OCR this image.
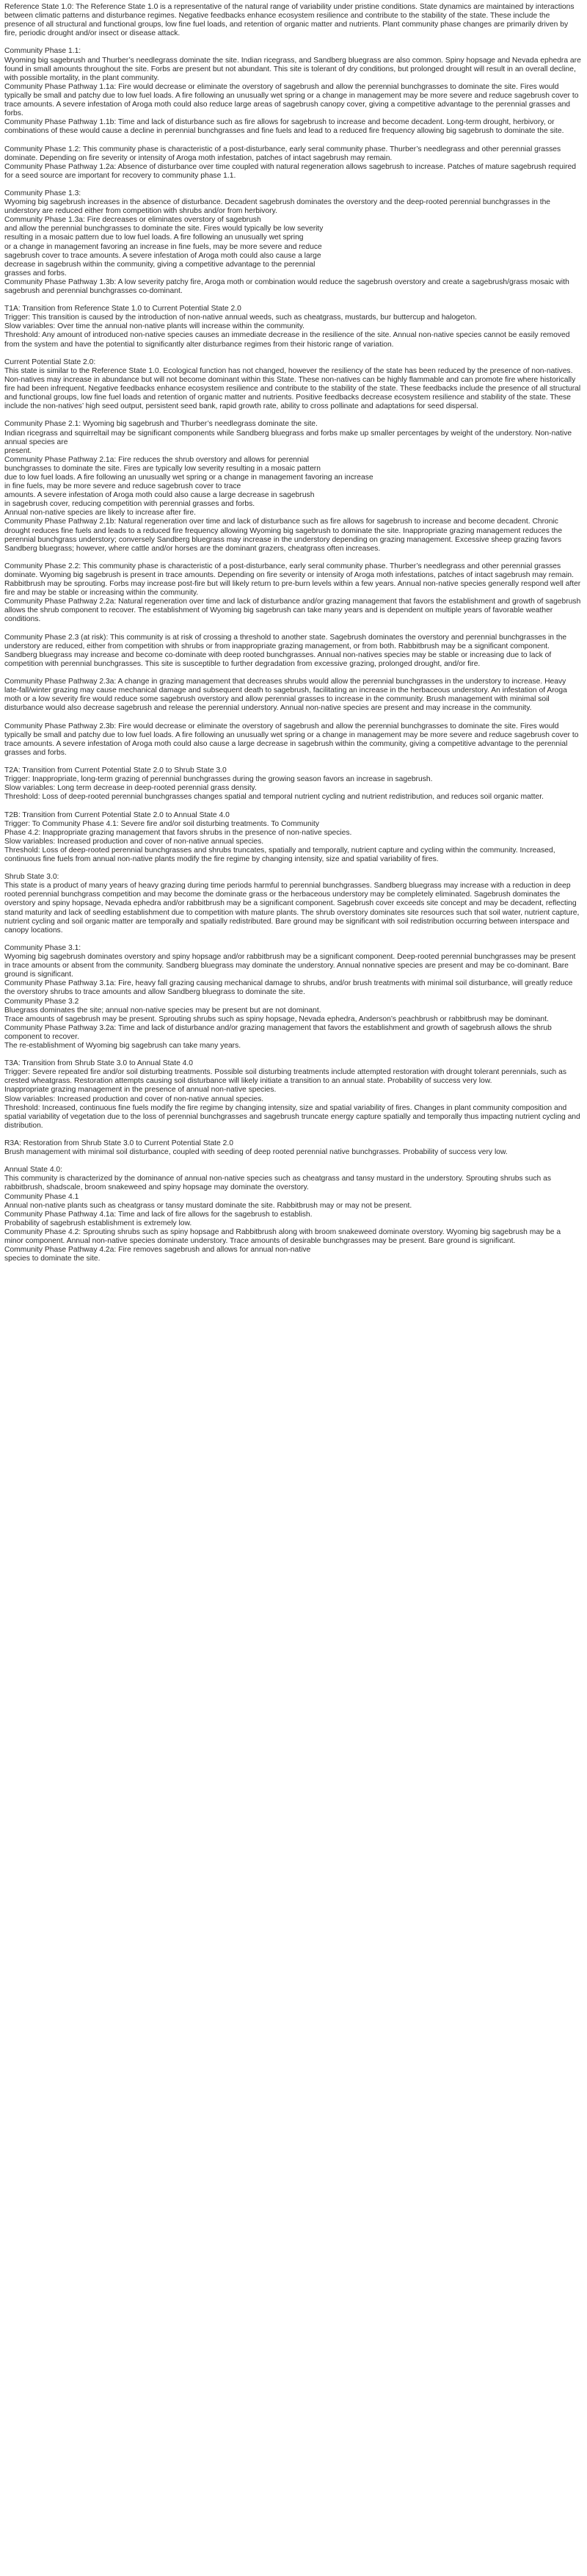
Reference State 1.0: The Reference State 1.0 is a representative of the natural range of variability under pristine conditions. State dynamics are maintained by interactions between climatic patterns and disturbance regimes. Negative feedbacks enhance ecosystem resilience and contribute to the stability of the state. These include the presence of all structural and functional groups, low fine fuel loads, and retention of organic matter and nutrients. Plant community phase changes are primarily driven by fire, periodic drought and/or insect or disease attack.
Community Phase 1.1:
Wyoming big sagebrush and Thurber’s needlegrass dominate the site. Indian ricegrass, and Sandberg bluegrass are also common. Spiny hopsage and Nevada ephedra are found in small amounts throughout the site. Forbs are present but not abundant. This site is tolerant of dry conditions, but prolonged drought will result in an overall decline, with possible mortality, in the plant community.
Community Phase Pathway 1.1a: Fire would decrease or eliminate the overstory of sagebrush and allow the perennial bunchgrasses to dominate the site. Fires would typically be small and patchy due to low fuel loads. A fire following an unusually wet spring or a change in management may be more severe and reduce sagebrush cover to trace amounts. A severe infestation of Aroga moth could also reduce large areas of sagebrush canopy cover, giving a competitive advantage to the perennial grasses and forbs.
Community Phase Pathway 1.1b: Time and lack of disturbance such as fire allows for sagebrush to increase and become decadent. Long-term drought, herbivory, or combinations of these would cause a decline in perennial bunchgrasses and fine fuels and lead to a reduced fire frequency allowing big sagebrush to dominate the site.
Community Phase 1.2: This community phase is characteristic of a post-disturbance, early seral community phase. Thurber’s needlegrass and other perennial grasses dominate. Depending on fire severity or intensity of Aroga moth infestation, patches of intact sagebrush may remain.
Community Phase Pathway 1.2a: Absence of disturbance over time coupled with natural regeneration allows sagebrush to increase. Patches of mature sagebrush required for a seed source are important for recovery to community phase 1.1.
Community Phase 1.3:
Wyoming big sagebrush increases in the absence of disturbance. Decadent sagebrush dominates the overstory and the deep-rooted perennial bunchgrasses in the understory are reduced either from competition with shrubs and/or from herbivory.
Community Phase 1.3a: Fire decreases or eliminates overstory of sagebrush
and allow the perennial bunchgrasses to dominate the site. Fires would typically be low severity
resulting in a mosaic pattern due to low fuel loads. A fire following an unusually wet spring
or a change in management favoring an increase in fine fuels, may be more severe and reduce
sagebrush cover to trace amounts. A severe infestation of Aroga moth could also cause a large
decrease in sagebrush within the community, giving a competitive advantage to the perennial
grasses and forbs.
Community Phase Pathway 1.3b: A low severity patchy fire, Aroga moth or combination would reduce the sagebrush overstory and create a sagebrush/grass mosaic with sagebrush and perennial bunchgrasses co-dominant.
T1A: Transition from Reference State 1.0 to Current Potential State 2.0
Trigger: This transition is caused by the introduction of non-native annual weeds, such as cheatgrass, mustards, bur buttercup and halogeton.
Slow variables: Over time the annual non-native plants will increase within the community.
Threshold: Any amount of introduced non-native species causes an immediate decrease in the resilience of the site. Annual non-native species cannot be easily removed from the system and have the potential to significantly alter disturbance regimes from their historic range of variation.
Current Potential State 2.0:
This state is similar to the Reference State 1.0. Ecological function has not changed, however the resiliency of the state has been reduced by the presence of non-natives. Non-natives may increase in abundance but will not become dominant within this State. These non-natives can be highly flammable and can promote fire where historically fire had been infrequent. Negative feedbacks enhance ecosystem resilience and contribute to the stability of the state. These feedbacks include the presence of all structural and functional groups, low fine fuel loads and retention of organic matter and nutrients. Positive feedbacks decrease ecosystem resilience and stability of the state. These include the non-natives’ high seed output, persistent seed bank, rapid growth rate, ability to cross pollinate and adaptations for seed dispersal.
Community Phase 2.1: Wyoming big sagebrush and Thurber’s needlegrass dominate the site.
Indian ricegrass and squirreltail may be significant components while Sandberg bluegrass and forbs make up smaller percentages by weight of the understory. Non-native annual species are
present.
Community Phase Pathway 2.1a: Fire reduces the shrub overstory and allows for perennial
bunchgrasses to dominate the site. Fires are typically low severity resulting in a mosaic pattern
due to low fuel loads. A fire following an unusually wet spring or a change in management favoring an increase
in fine fuels, may be more severe and reduce sagebrush cover to trace
amounts. A severe infestation of Aroga moth could also cause a large decrease in sagebrush
in sagebrush cover, reducing competition with perennial grasses and forbs.
Annual non-native species are likely to increase after fire.
Community Phase Pathway 2.1b: Natural regeneration over time and lack of disturbance such as fire allows for sagebrush to increase and become decadent. Chronic drought reduces fine fuels and leads to a reduced fire frequency allowing Wyoming big sagebrush to dominate the site. Inappropriate grazing management reduces the perennial bunchgrass understory; conversely Sandberg bluegrass may increase in the understory depending on grazing management. Excessive sheep grazing favors Sandberg bluegrass; however, where cattle and/or horses are the dominant grazers, cheatgrass often increases.
Community Phase 2.2: This community phase is characteristic of a post-disturbance, early seral community phase. Thurber’s needlegrass and other perennial grasses dominate. Wyoming big sagebrush is present in trace amounts. Depending on fire severity or intensity of Aroga moth infestations, patches of intact sagebrush may remain. Rabbitbrush may be sprouting. Forbs may increase post-fire but will likely return to pre-burn levels within a few years. Annual non-native species generally respond well after fire and may be stable or increasing within the community.
Community Phase Pathway 2.2a: Natural regeneration over time and lack of disturbance and/or grazing management that favors the establishment and growth of sagebrush allows the shrub component to recover. The establishment of Wyoming big sagebrush can take many years and is dependent on multiple years of favorable weather conditions.
Community Phase 2.3 (at risk): This community is at risk of crossing a threshold to another state. Sagebrush dominates the overstory and perennial bunchgrasses in the understory are reduced, either from competition with shrubs or from inappropriate grazing management, or from both. Rabbitbrush may be a significant component. Sandberg bluegrass may increase and become co-dominate with deep rooted bunchgrasses. Annual non-natives species may be stable or increasing due to lack of competition with perennial bunchgrasses. This site is susceptible to further degradation from excessive grazing, prolonged drought, and/or fire.
Community Phase Pathway 2.3a: A change in grazing management that decreases shrubs would allow the perennial bunchgrasses in the understory to increase. Heavy late-fall/winter grazing may cause mechanical damage and subsequent death to sagebrush, facilitating an increase in the herbaceous understory. An infestation of Aroga moth or a low severity fire would reduce some sagebrush overstory and allow perennial grasses to increase in the community. Brush management with minimal soil disturbance would also decrease sagebrush and release the perennial understory. Annual non-native species are present and may increase in the community.
Community Phase Pathway 2.3b: Fire would decrease or eliminate the overstory of sagebrush and allow the perennial bunchgrasses to dominate the site. Fires would typically be small and patchy due to low fuel loads. A fire following an unusually wet spring or a change in management may be more severe and reduce sagebrush cover to trace amounts. A severe infestation of Aroga moth could also cause a large decrease in sagebrush within the community, giving a competitive advantage to the perennial grasses and forbs.
T2A: Transition from Current Potential State 2.0 to Shrub State 3.0
Trigger: Inappropriate, long-term grazing of perennial bunchgrasses during the growing season favors an increase in sagebrush.
Slow variables: Long term decrease in deep-rooted perennial grass density.
Threshold: Loss of deep-rooted perennial bunchgrasses changes spatial and temporal nutrient cycling and nutrient redistribution, and reduces soil organic matter.
T2B: Transition from Current Potential State 2.0 to Annual State 4.0
Trigger: To Community Phase 4.1: Severe fire and/or soil disturbing treatments. To Community
Phase 4.2: Inappropriate grazing management that favors shrubs in the presence of non-native species.
Slow variables: Increased production and cover of non-native annual species.
Threshold: Loss of deep-rooted perennial bunchgrasses and shrubs truncates, spatially and temporally, nutrient capture and cycling within the community. Increased, continuous fine fuels from annual non-native plants modify the fire regime by changing intensity, size and spatial variability of fires.
Shrub State 3.0:
This state is a product of many years of heavy grazing during time periods harmful to perennial bunchgrasses. Sandberg bluegrass may increase with a reduction in deep rooted perennial bunchgrass competition and may become the dominate grass or the herbaceous understory may be completely eliminated. Sagebrush dominates the overstory and spiny hopsage, Nevada ephedra and/or rabbitbrush may be a significant component. Sagebrush cover exceeds site concept and may be decadent, reflecting stand maturity and lack of seedling establishment due to competition with mature plants. The shrub overstory dominates site resources such that soil water, nutrient capture, nutrient cycling and soil organic matter are temporally and spatially redistributed. Bare ground may be significant with soil redistribution occurring between interspace and canopy locations.
Community Phase 3.1:
Wyoming big sagebrush dominates overstory and spiny hopsage and/or rabbitbrush may be a significant component. Deep-rooted perennial bunchgrasses may be present in trace amounts or absent from the community. Sandberg bluegrass may dominate the understory. Annual nonnative species are present and may be co-dominant. Bare ground is significant.
Community Phase Pathway 3.1a: Fire, heavy fall grazing causing mechanical damage to shrubs, and/or brush treatments with minimal soil disturbance, will greatly reduce the overstory shrubs to trace amounts and allow Sandberg bluegrass to dominate the site.
Community Phase 3.2
Bluegrass dominates the site; annual non-native species may be present but are not dominant.
Trace amounts of sagebrush may be present. Sprouting shrubs such as spiny hopsage, Nevada ephedra, Anderson’s peachbrush or rabbitbrush may be dominant.
Community Phase Pathway 3.2a: Time and lack of disturbance and/or grazing management that favors the establishment and growth of sagebrush allows the shrub component to recover.
The re-establishment of Wyoming big sagebrush can take many years.
T3A: Transition from Shrub State 3.0 to Annual State 4.0
Trigger: Severe repeated fire and/or soil disturbing treatments. Possible soil disturbing treatments include attempted restoration with drought tolerant perennials, such as crested wheatgrass. Restoration attempts causing soil disturbance will likely initiate a transition to an annual state. Probability of success very low.
Inappropriate grazing management in the presence of annual non-native species.
Slow variables: Increased production and cover of non-native annual species.
Threshold: Increased, continuous fine fuels modify the fire regime by changing intensity, size and spatial variability of fires. Changes in plant community composition and spatial variability of vegetation due to the loss of perennial bunchgrasses and sagebrush truncate energy capture spatially and temporally thus impacting nutrient cycling and distribution.
R3A: Restoration from Shrub State 3.0 to Current Potential State 2.0
Brush management with minimal soil disturbance, coupled with seeding of deep rooted perennial native bunchgrasses. Probability of success very low.
Annual State 4.0:
This community is characterized by the dominance of annual non-native species such as cheatgrass and tansy mustard in the understory. Sprouting shrubs such as rabbitbrush, shadscale, broom snakeweed and spiny hopsage may dominate the overstory.
Community Phase 4.1
Annual non-native plants such as cheatgrass or tansy mustard dominate the site. Rabbitbrush may or may not be present.
Community Phase Pathway 4.1a: Time and lack of fire allows for the sagebrush to establish.
Probability of sagebrush establishment is extremely low.
Community Phase 4.2: Sprouting shrubs such as spiny hopsage and Rabbitbrush along with broom snakeweed dominate overstory. Wyoming big sagebrush may be a minor component. Annual non-native species dominate understory. Trace amounts of desirable bunchgrasses may be present. Bare ground is significant.
Community Phase Pathway 4.2a: Fire removes sagebrush and allows for annual non-native
species to dominate the site.
